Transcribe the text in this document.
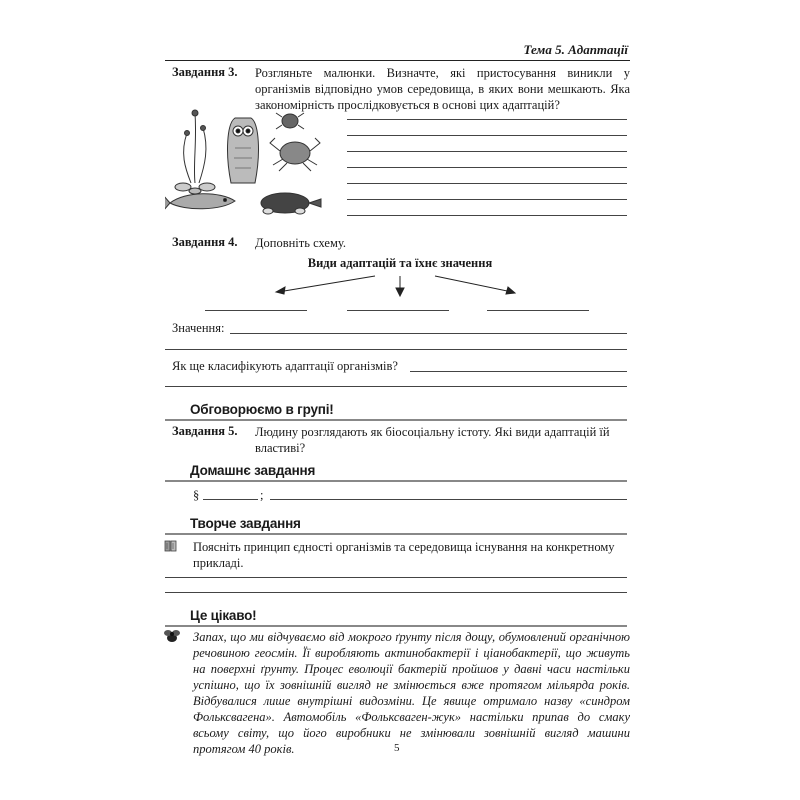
Тема 5. Адаптації
Завдання 3. Розгляньте малюнки. Визначте, які пристосування виникли у організмів відповідно умов середовища, в яких вони мешкають. Яка закономірність прослідковується в основі цих адаптацій?
Завдання 4. Доповніть схему.
Види адаптацій та їхнє значення
Значення:
Як ще класифікують адаптації організмів?
Обговорюємо в групі!
Завдання 5. Людину розглядають як біосоціальну істоту. Які види адаптацій їй властиві?
Домашнє завдання
§	;
Творче завдання
Поясніть принцип єдності організмів та середовища існування на конкретному прикладі.
Це цікаво!
Запах, що ми відчуваємо від мокрого ґрунту після дощу, обумовлений органічною речовиною геосмін. Її виробляють актинобактерії і ціанобактерії, що живуть на поверхні ґрунту. Процес еволюції бактерій пройшов у давні часи настільки успішно, що їх зовнішній вигляд не змінюється вже протягом мільярда років. Відбувалися лише внутрішні видозміни. Це явище отримало назву «синдром Фольксвагена». Автомобіль «Фольксваген-жук» настільки припав до смаку всьому світу, що його виробники не змінювали зовнішній вигляд машини протягом 40 років.	5
